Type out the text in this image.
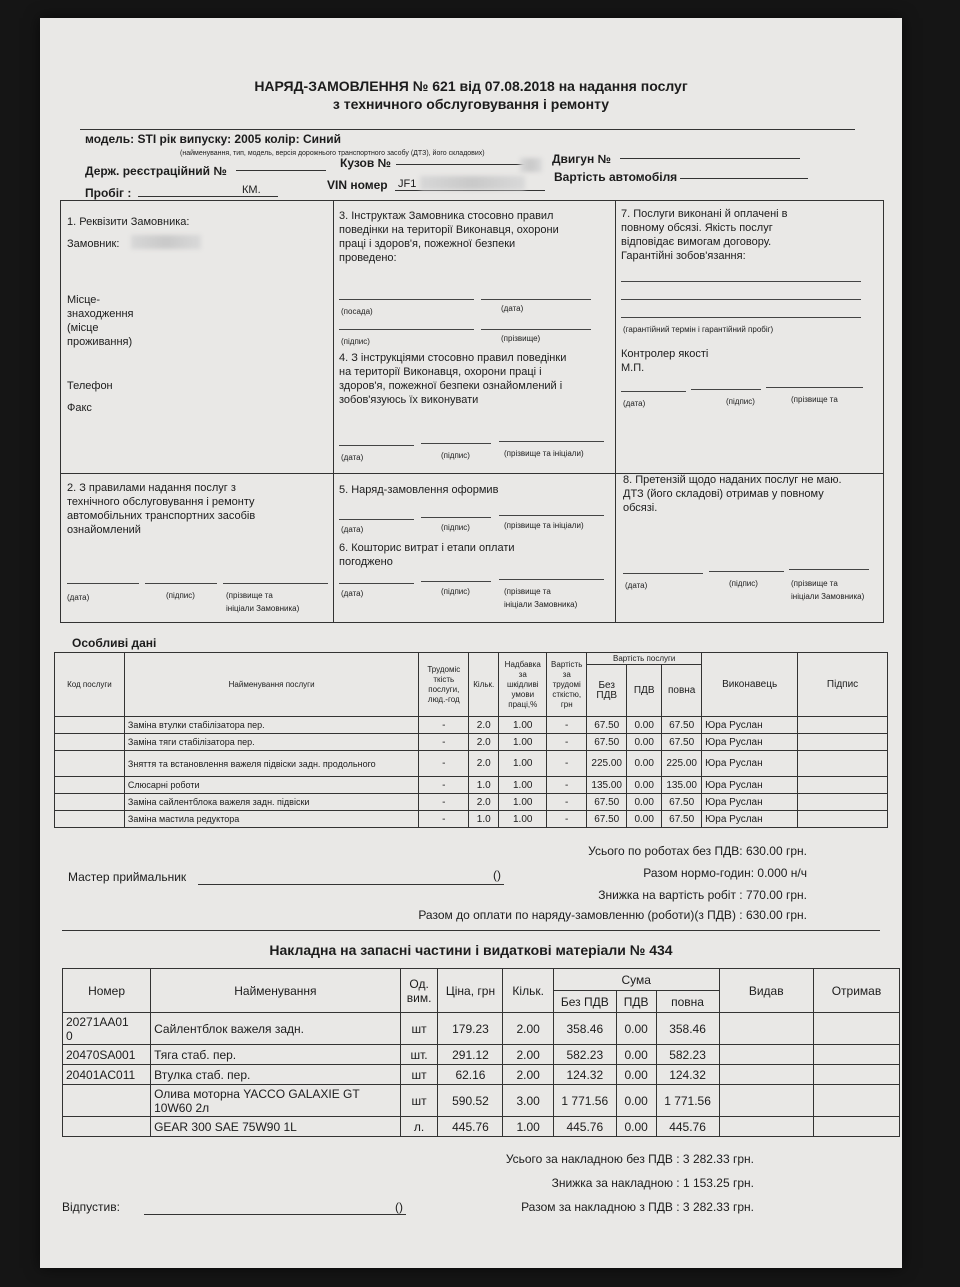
НАРЯД-ЗАМОВЛЕННЯ № 621 від 07.08.2018 на надання послуг
з техничного обслуговування і ремонту
модель: STI рік випуску: 2005 колір: Синий
(найменування, тип, модель, версія дорожнього транспортного засобу (ДТЗ), його складових)
Держ. реєстраційний №
Кузов №	Двигун №
Пробіг :	КМ.	VIN номер JF1	Вартість автомобіля
1. Реквізити Замовника:
Замовник:
Місце-
знаходження
(місце
проживання)
Телефон
Факс
3. Інструктаж Замовника стосовно правил поведінки на території Виконавця, охорони праці і здоров'я, пожежної безпеки проведено:
(посада)	(дата)
(підпис)	(прізвище)
4. З інструкціями стосовно правил поведінки на території Виконавця, охорони праці і здоров'я, пожежної безпеки ознайомлений і зобов'язуюсь їх виконувати
(дата)	(підпис)	(прізвище та ініціали)
7. Послуги виконані й оплачені в повному обсязі. Якість послуг відповідає вимогам договору. Гарантійні зобов'язання:
(гарантійний термін і гарантійний пробіг)
Контролер якості
М.П.
(дата)	(підпис)	(прізвище та
2. З правилами надання послуг з технічного обслуговування і ремонту автомобільних транспортних засобів ознайомлений
(дата)	(підпис)	(прізвище та
ініціали Замовника)
5. Наряд-замовлення оформив
(дата)	(підпис)	(прізвище та ініціали)
6. Кошторис витрат і етапи оплати погоджено
(дата)	(підпис)	(прізвище та
ініціали Замовника)
8. Претензій щодо наданих послуг не маю. ДТЗ (його складові) отримав у повному обсязі.
(дата)	(підпис)	(прізвище та
ініціали Замовника)
Особливі дані
Код послуги	Найменування послуги	Трудоміс
ткість
послуги,
люд.-год	Кільк.	Надбавка
за
шкідливі
умови
праці,%	Вартість
за
трудомі
сткістю,
грн	Вартість послуги			Виконавець	Підпис
						Без
ПДВ	ПДВ	повна		
	Заміна втулки стабілізатора пер.	-	2.0	1.00	-	67.50	0.00	67.50	Юра Руслан	
	Заміна тяги стабілізатора пер.	-	2.0	1.00	-	67.50	0.00	67.50	Юра Руслан	
	Зняття та встановлення важеля підвіски задн. продольного	-	2.0	1.00	-	225.00	0.00	225.00	Юра Руслан	
	Слюсарні роботи	-	1.0	1.00	-	135.00	0.00	135.00	Юра Руслан	
	Заміна сайлентблока важеля задн. підвіски	-	2.0	1.00	-	67.50	0.00	67.50	Юра Руслан	
	Заміна мастила редуктора	-	1.0	1.00	-	67.50	0.00	67.50	Юра Руслан	
Усього по роботах без ПДВ: 630.00 грн.
Разом нормо-годин: 0.000 н/ч
Знижка на вартість робіт : 770.00 грн.
Разом до оплати по наряду-замовленню (роботи)(з ПДВ) : 630.00 грн.
Мастер приймальник	()
Накладна на запасні частини і видаткові матеріали № 434
Номер	Найменування	Од.
вим.	Ціна, грн	Кільк.	Сума			Видав	Отримав
					Без ПДВ	ПДВ	повна		
20271AA01
0	Сайлентблок важеля задн.	шт	179.23	2.00	358.46	0.00	358.46		
20470SA001	Тяга стаб. пер.	шт.	291.12	2.00	582.23	0.00	582.23		
20401AC011	Втулка стаб. пер.	шт	62.16	2.00	124.32	0.00	124.32		
	Олива моторна YACCO GALAXIE GT
10W60 2л	шт	590.52	3.00	1 771.56	0.00	1 771.56		
	GEAR 300 SAE 75W90 1L	л.	445.76	1.00	445.76	0.00	445.76		
Усього за накладною без ПДВ : 3 282.33 грн.
Знижка за накладною : 1 153.25 грн.
Разом за накладною з ПДВ : 3 282.33 грн.
Відпустив:	()
